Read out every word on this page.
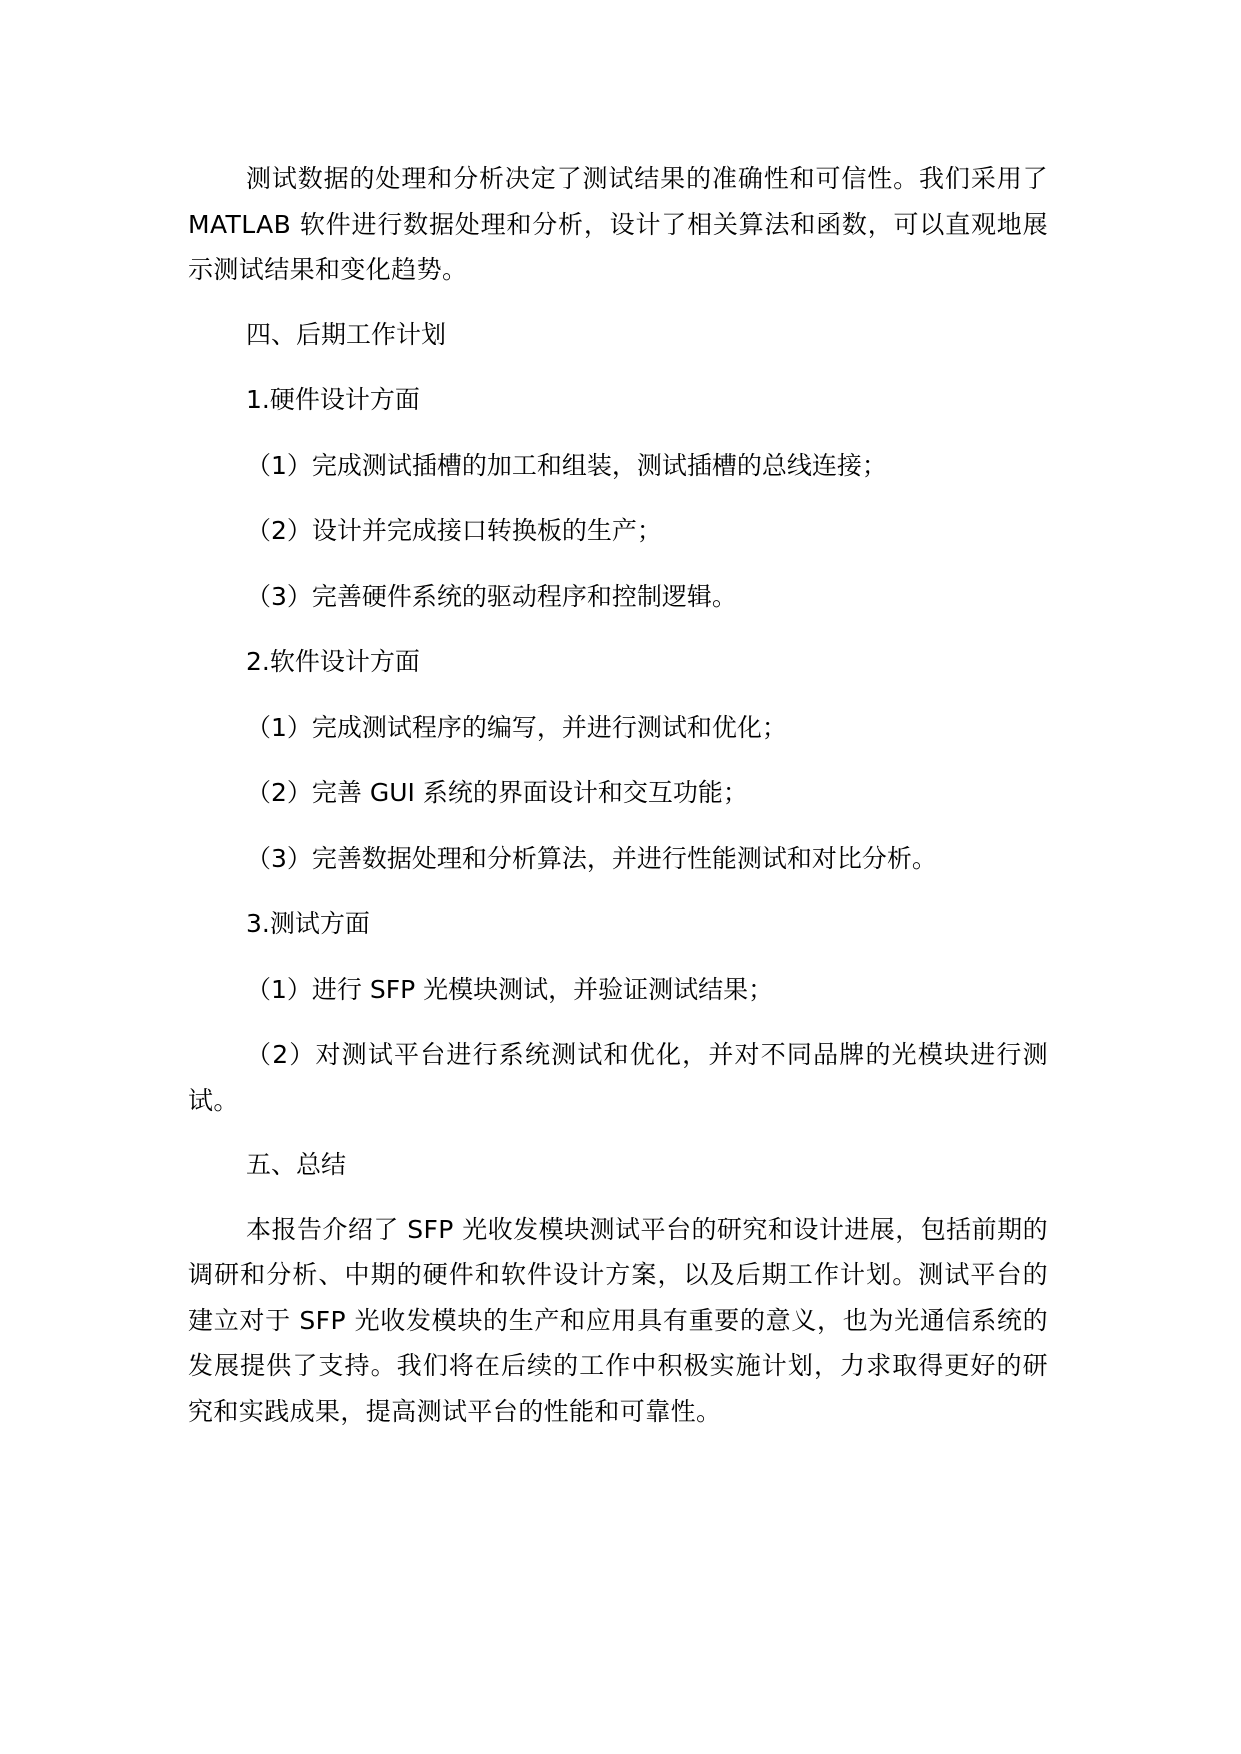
测试数据的处理和分析决定了测试结果的准确性和可信性。我们采用了 MATLAB 软件进行数据处理和分析，设计了相关算法和函数，可以直观地展示测试结果和变化趋势。

四、后期工作计划

1.硬件设计方面

（1）完成测试插槽的加工和组装，测试插槽的总线连接；

（2）设计并完成接口转换板的生产；

（3）完善硬件系统的驱动程序和控制逻辑。

2.软件设计方面

（1）完成测试程序的编写，并进行测试和优化；

（2）完善 GUI 系统的界面设计和交互功能；

（3）完善数据处理和分析算法，并进行性能测试和对比分析。

3.测试方面

（1）进行 SFP 光模块测试，并验证测试结果；

（2）对测试平台进行系统测试和优化，并对不同品牌的光模块进行测试。

五、总结

本报告介绍了 SFP 光收发模块测试平台的研究和设计进展，包括前期的调研和分析、中期的硬件和软件设计方案，以及后期工作计划。测试平台的建立对于 SFP 光收发模块的生产和应用具有重要的意义，也为光通信系统的发展提供了支持。我们将在后续的工作中积极实施计划，力求取得更好的研究和实践成果，提高测试平台的性能和可靠性。
